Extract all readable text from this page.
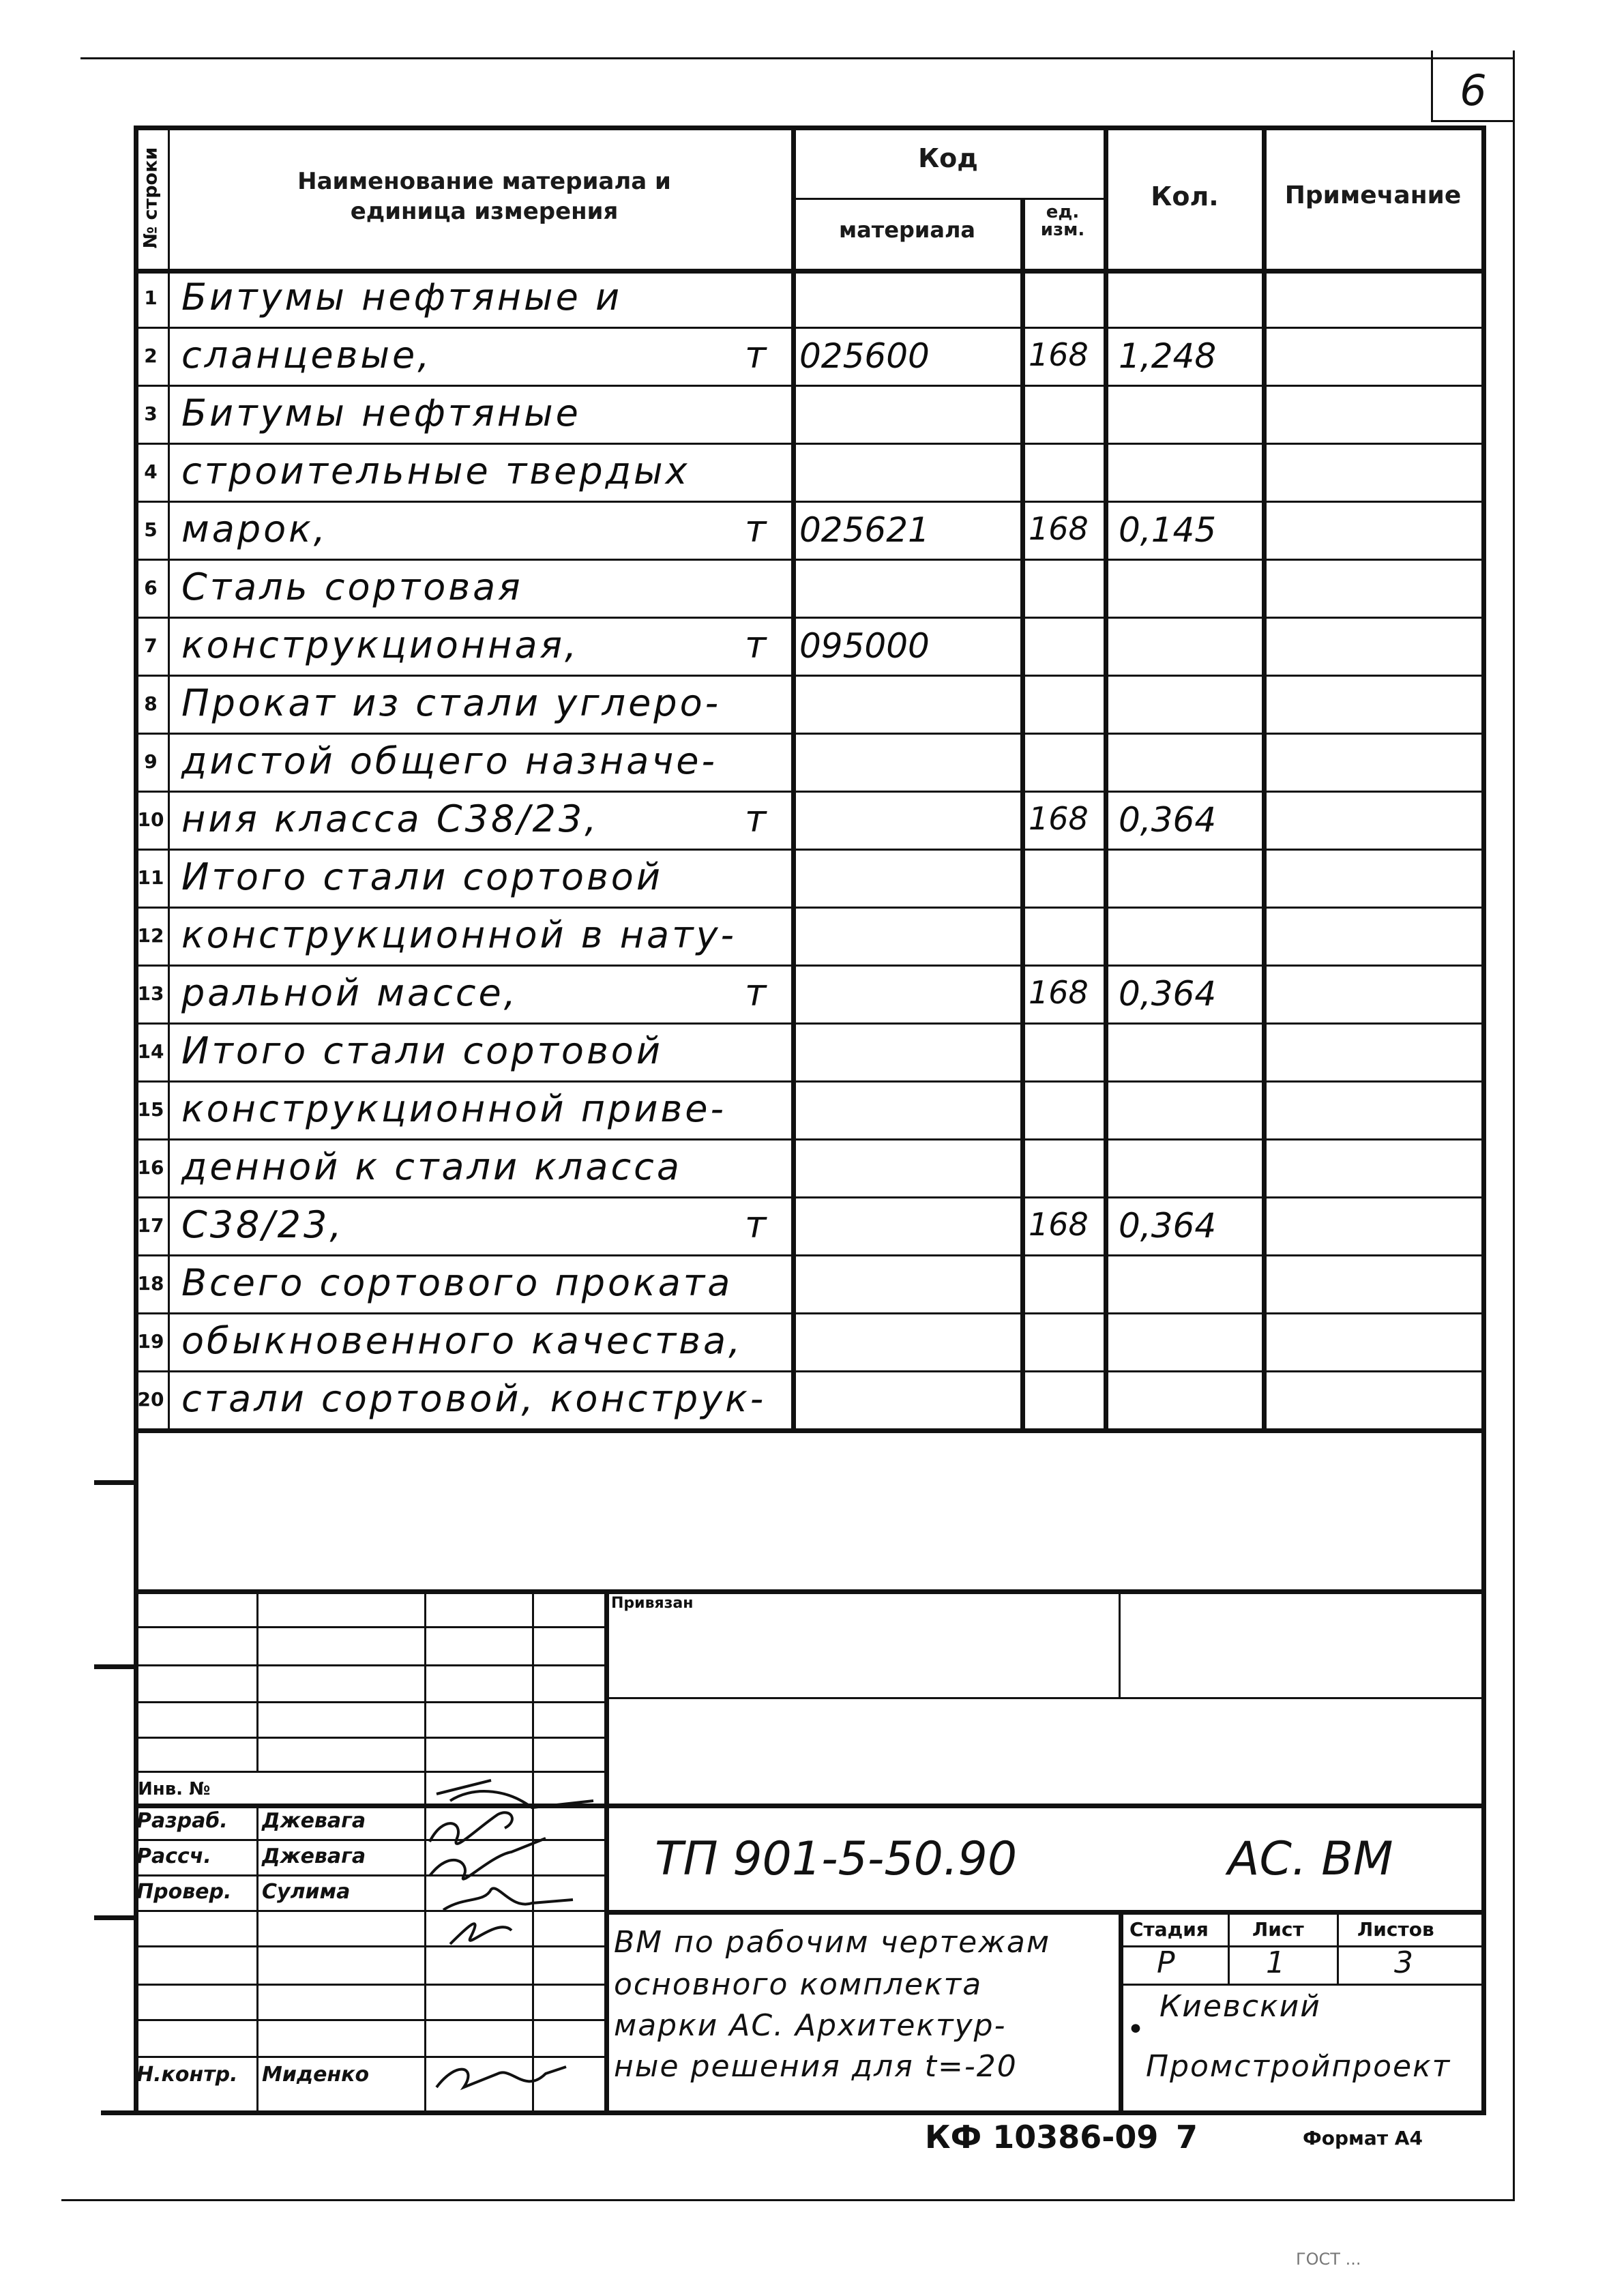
6
№ строки	Наименование материала и единица измерения
Код
материала
ед. изм.
Кол.	Примечание
1 Битумы нефтяные и
2 сланцевые,	т 025600	168 1,248
3 Битумы нефтяные
4 строительные твердых
5 марок,	т 025621	168 0,145
6 Сталь сортовая
7 конструкционная,	т 095000
8 Прокат из стали углеро-
9 дистой общего назначе-
10 ния класса С38/23,	т	168 0,364
11 Итого стали сортовой
12 конструкционной в нату-
13 ральной массе,	т	168 0,364
14 Итого стали сортовой
15 конструкционной приве-
16 денной к стали класса
17 С38/23,	т	168 0,364
18 Всего сортового проката
19 обыкновенного качества,
20 стали сортовой, конструк-
Привязан
Инв. №
Разраб. Джевага
Рассч. Джевага
Провер. Сулима
Н.контр. Миденко
ТП 901-5-50.90	АС. ВМ
ВМ по рабочим чертежам
основного комплекта
марки АС. Архитектур-
ные решения для t=-20
Стадия Лист	Листов
Р	1	3
•
Киевский
Промстройпроект
КФ 10386-09 7	Формат А4
ГОСТ ...
